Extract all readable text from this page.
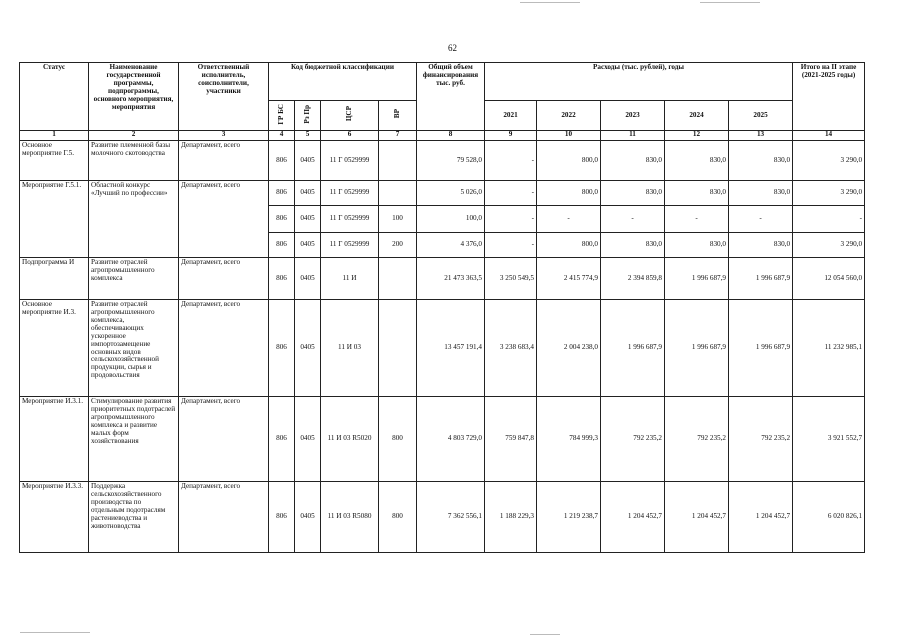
62
Статус	Наименование государственной программы, подпрограммы, основного мероприятия, мероприятия	Ответственный исполнитель, соисполнители, участники	Код бюджетной классификации				Общий объем финансирования тыс. руб.	Расходы (тыс. рублей), годы					Итого на II этапе (2021-2025 годы)
			ГР БС	Рз Пр	ЦСР	ВР		2021	2022	2023	2024	2025	
1	2	3	4	5	6	7	8	9	10	11	12	13	14
Основное мероприятие Г.5.	Развитие племенной базы молочного скотоводства	Департамент, всего	806	0405	11 Г 0529999		79 528,0	-	800,0	830,0	830,0	830,0	3 290,0
Мероприятие Г.5.1.	Областной конкурс «Лучший по профессии»	Департамент, всего	806	0405	11 Г 0529999		5 026,0	-	800,0	830,0	830,0	830,0	3 290,0
			806	0405	11 Г 0529999	100	100,0	-	-	-	-	-	-
			806	0405	11 Г 0529999	200	4 376,0	-	800,0	830,0	830,0	830,0	3 290,0
Подпрограмма И	Развитие отраслей агропромышленного комплекса	Департамент, всего	806	0405	11 И		21 473 363,5	3 250 549,5	2 415 774,9	2 394 859,8	1 996 687,9	1 996 687,9	12 054 560,0
Основное мероприятие И.3.	Развитие отраслей агропромышленного комплекса, обеспечивающих ускоренное импортозамещение основных видов сельскохозяйственной продукции, сырья и продовольствия	Департамент, всего	806	0405	11 И 03		13 457 191,4	3 238 683,4	2 004 238,0	1 996 687,9	1 996 687,9	1 996 687,9	11 232 985,1
Мероприятие И.3.1.	Стимулирование развития приоритетных подотраслей агропромышленного комплекса и развитие малых форм хозяйствования	Департамент, всего	806	0405	11 И 03 R5020	800	4 803 729,0	759 847,8	784 999,3	792 235,2	792 235,2	792 235,2	3 921 552,7
Мероприятие И.3.3.	Поддержка сельскохозяйственного производства по отдельным подотраслям растениеводства и животноводства	Департамент, всего	806	0405	11 И 03 R5080	800	7 362 556,1	1 188 229,3	1 219 238,7	1 204 452,7	1 204 452,7	1 204 452,7	6 020 826,1
